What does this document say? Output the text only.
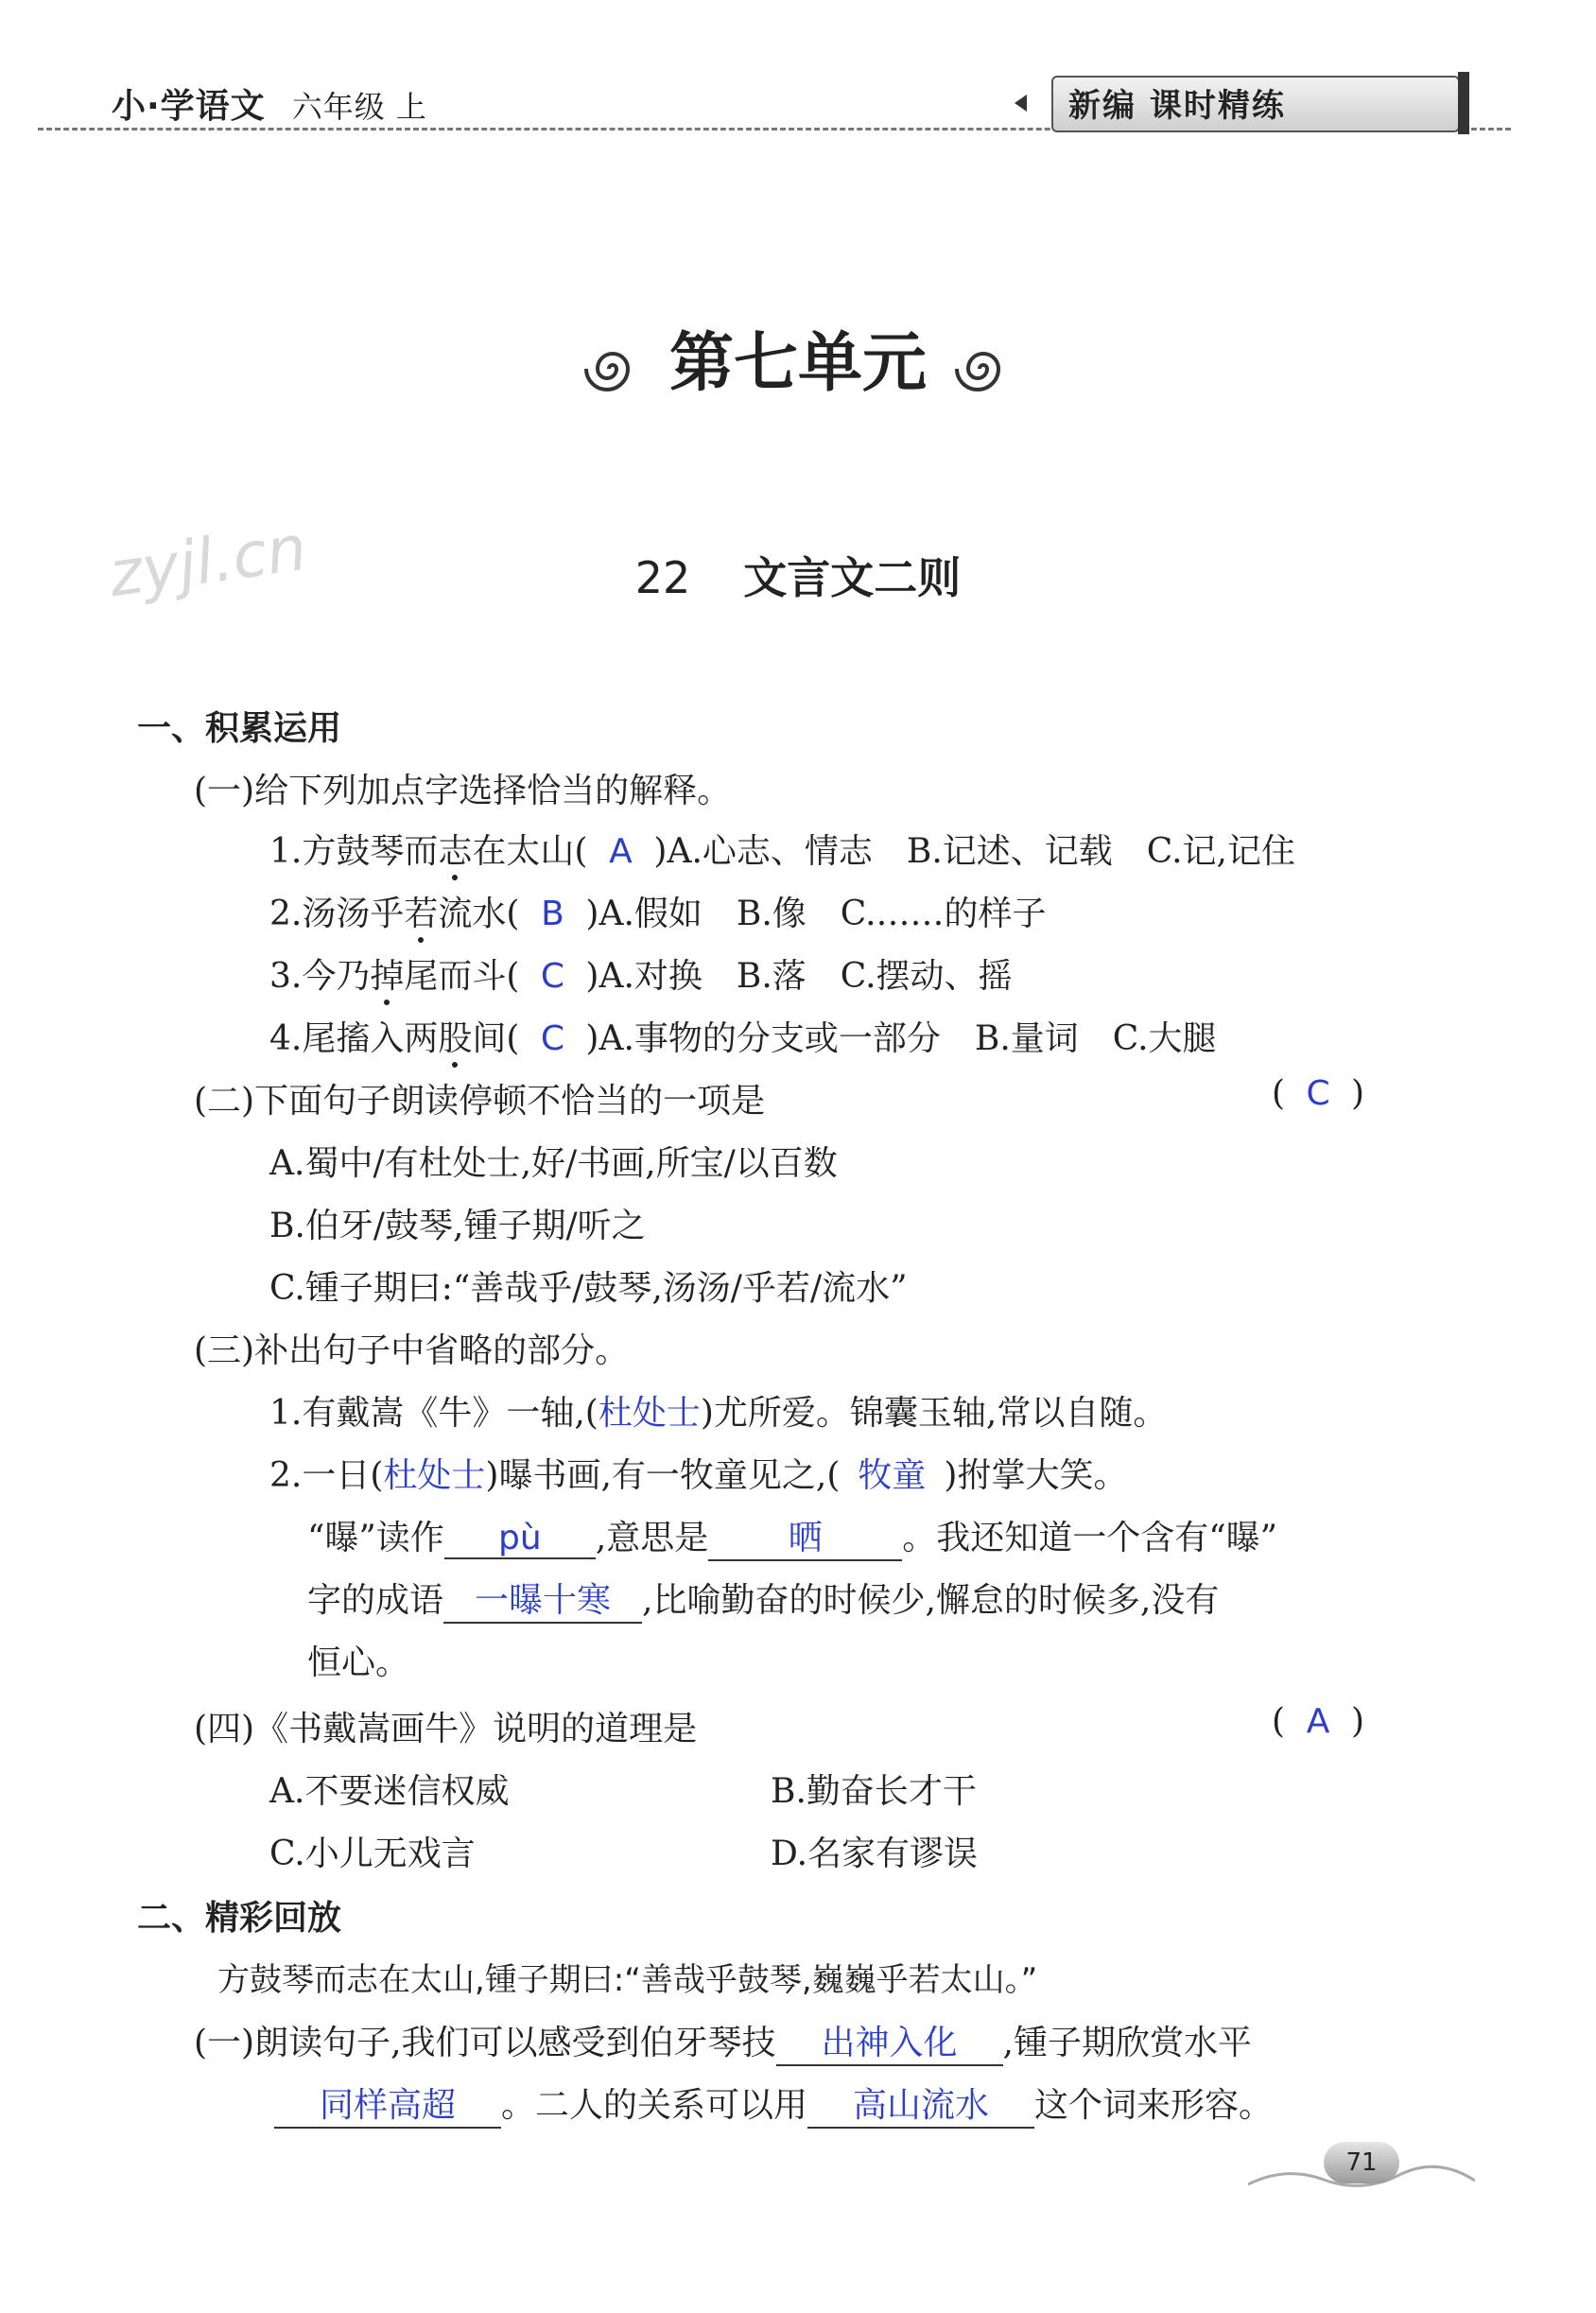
小·学语文 六年级 上	新编 课时精练
第七单元
zyjl.cn	22 文言文二则
一、积累运用
(一)给下列加点字选择恰当的解释。
1.方鼓琴而志在太山( A )A.心志、情志　B.记述、记载　C.记,记住
2.汤汤乎若流水( B )A.假如　B.像　C.……的样子
3.今乃掉尾而斗( C )A.对换　B.落　C.摆动、摇
4.尾搐入两股间( C )A.事物的分支或一部分　B.量词　C.大腿
(二)下面句子朗读停顿不恰当的一项是	( C )
A.蜀中/有杜处士,好/书画,所宝/以百数
B.伯牙/鼓琴,锺子期/听之
C.锺子期曰:“善哉乎/鼓琴,汤汤/乎若/流水”
(三)补出句子中省略的部分。
1.有戴嵩《牛》一轴,(杜处士)尤所爱。锦囊玉轴,常以自随。
2.一日(杜处士)曝书画,有一牧童见之,( 牧童 )拊掌大笑。
“曝”读作 pù ,意思是 晒 。我还知道一个含有“曝”
字的成语 一曝十寒 ,比喻勤奋的时候少,懈怠的时候多,没有
恒心。
(四)《书戴嵩画牛》说明的道理是	( A )
A.不要迷信权威	B.勤奋长才干
C.小儿无戏言	D.名家有谬误
二、精彩回放
方鼓琴而志在太山,锺子期曰:“善哉乎鼓琴,巍巍乎若太山。”
(一)朗读句子,我们可以感受到伯牙琴技 出神入化 ,锺子期欣赏水平
同样高超 。二人的关系可以用 高山流水 这个词来形容。
71
